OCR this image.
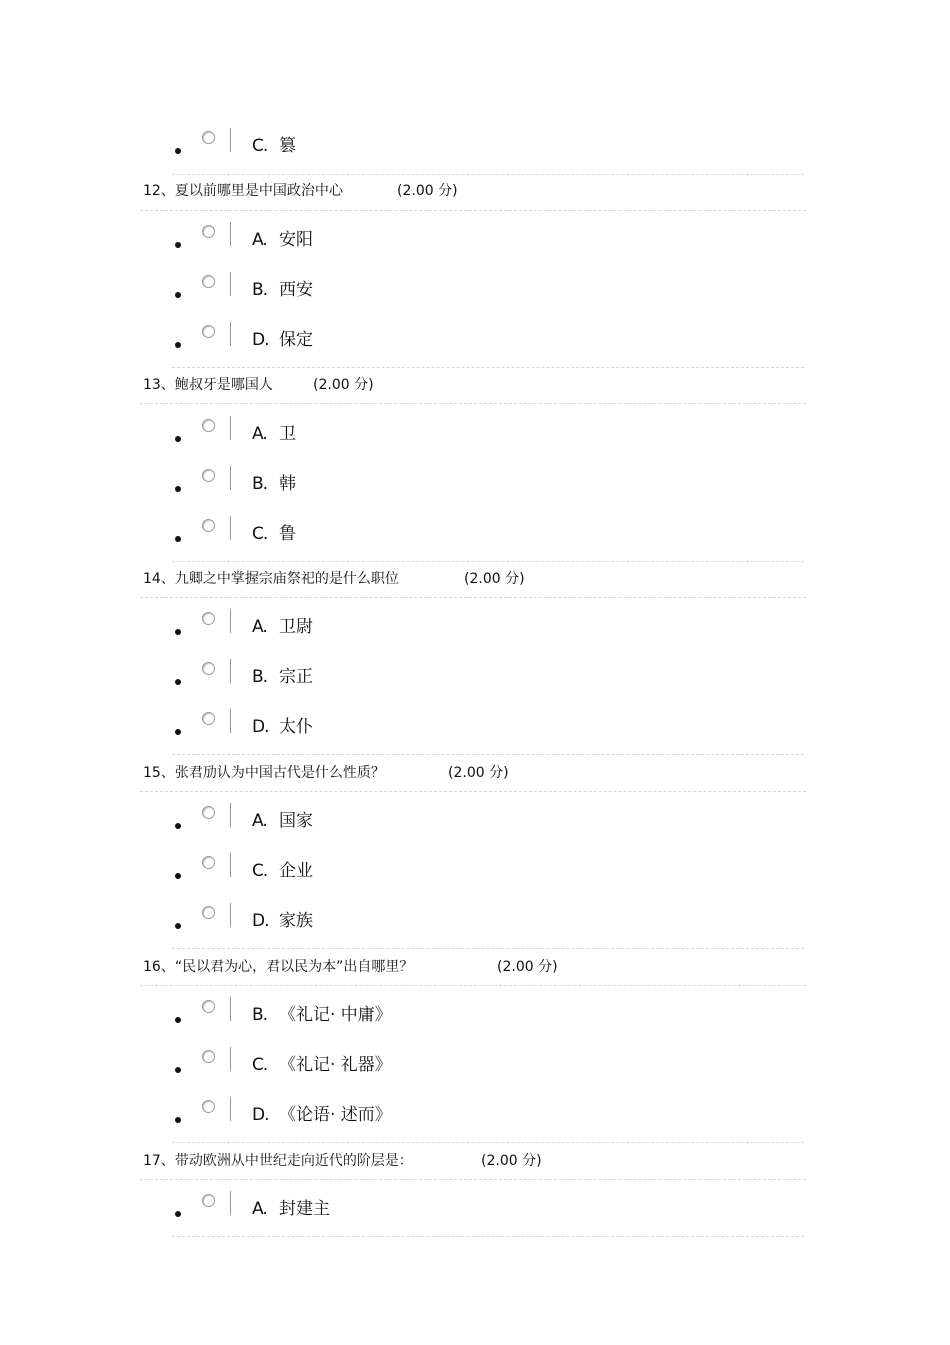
C. 篡
12、夏以前哪里是中国政治中心	(2.00 分)
A. 安阳
B. 西安
D. 保定
13、鲍叔牙是哪国人	(2.00 分)
A. 卫
B. 韩
C. 鲁
14、九卿之中掌握宗庙祭祀的是什么职位	(2.00 分)
A. 卫尉
B. 宗正
D. 太仆
15、张君劢认为中国古代是什么性质？	(2.00 分)
A. 国家
C. 企业
D. 家族
16、“民以君为心，君以民为本”出自哪里？	(2.00 分)
B. 《礼记· 中庸》
C. 《礼记· 礼器》
D. 《论语· 述而》
17、带动欧洲从中世纪走向近代的阶层是：	(2.00 分)
A. 封建主
